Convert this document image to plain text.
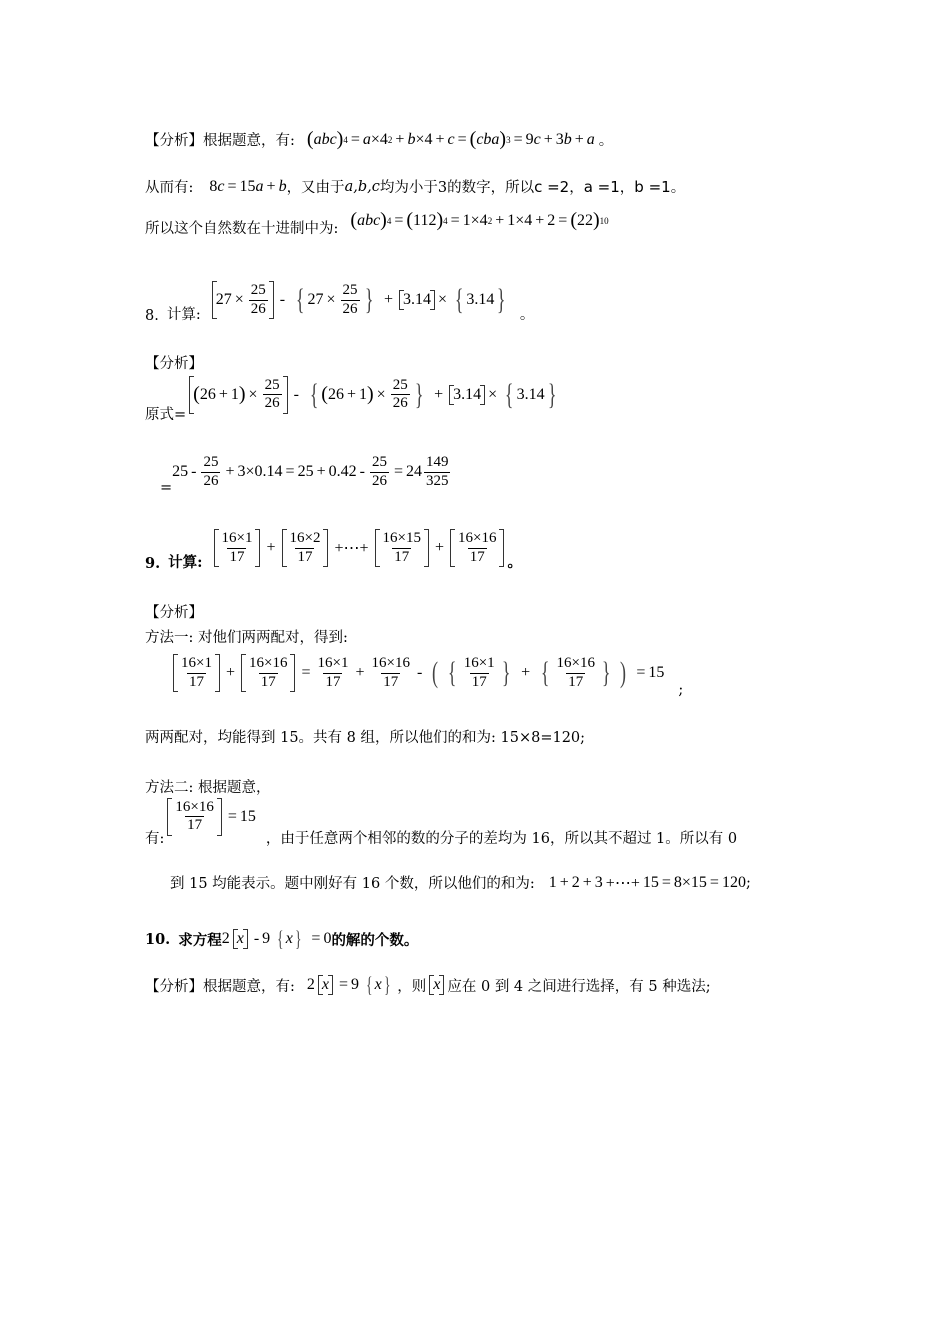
【分析】根据题意，有: ( abc ) 4 = a ×4 2 + b ×4 + c = ( cba ) 3 = 9 c + 3 b + a 。
从而有: 8 c = 15 a + b ，又由于 a,b,c 均为小于3的数字，所以 c =2 ， a =1 ， b =1 。
所以这个自然数在十进制中为: ( abc ) 4 = ( 112 ) 4 = 1×4 2 + 1×4 + 2 = ( 22 ) 10
8. 计算:
$27 \times \frac{25}{26}$ - { $27 \times \frac{25}{26}$ } + 3.14 × { 3.14 } 。
【分析】
原式=
( 26 + 1 ) × $\frac{25}{26}$ - { ( 26 + 1 ) × $\frac{25}{26}$ } + 3.14 × { 3.14 }
=
25 -
25
26
+ $3\times 0.14 = 25 + 0.42 - \frac{25}{26} = 24 \frac{149}{325}$
9. 计算:
16×1
17
+
16×2
17 +⋯+
16×15
17
+
16×16
17 。
【分析】
方法一: 对他们两两配对，得到:
16×1
17
+
16×16
17
= $\frac{16\times 1}{17} + \frac{16\times 16}{17}$ - ( { 16×1
17 } + { 16×16
17 } ) = 15
;
两两配对，均能得到 15。共有 8 组，所以他们的和为: 15×8=120;
方法二: 根据题意，
有:
16×16
17
= 15
，由于任意两个相邻的数的分子的差均为 16，所以其不超过 1。所以有 0
到 15 均能表示。题中刚好有 16 个数，所以他们的和为: 1 + 2 + 3 +⋯+ 15 = 8×15 = 120 ;
10. 求方程 2 x - 9 { x } = 0 的解的个数。
【分析】根据题意，有: 2 x = 9 { x } ，则 x 应在 0 到 4 之间进行选择，有 5 种选法;
